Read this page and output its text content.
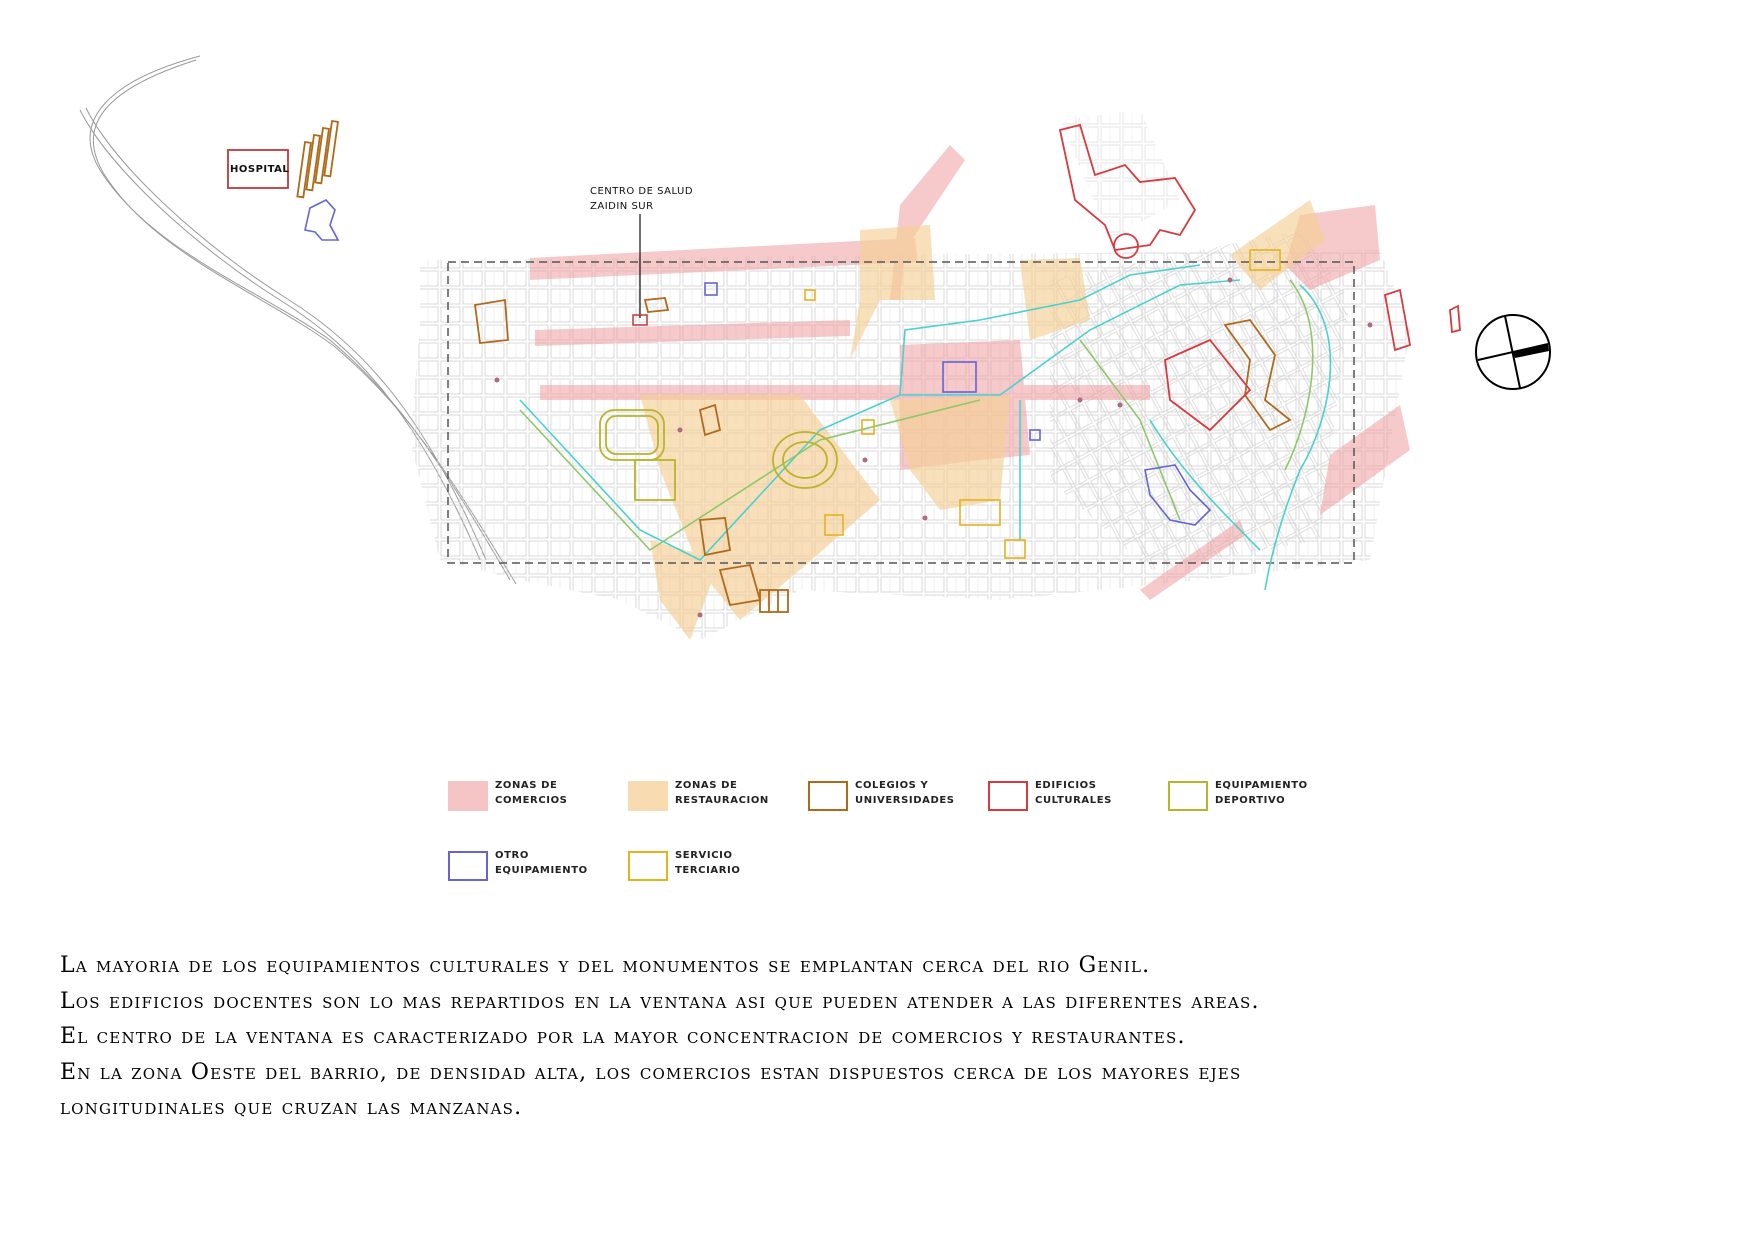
HOSPITAL
CENTRO DE SALUD
ZAIDIN SUR
ZONAS DE
COMERCIOS
ZONAS DE
RESTAURACION
COLEGIOS Y
UNIVERSIDADES
EDIFICIOS
CULTURALES
EQUIPAMIENTO
DEPORTIVO
OTRO
EQUIPAMIENTO
SERVICIO
TERCIARIO

La mayoria de los equipamientos culturales y del monumentos se emplantan cerca del rio Genil.

Los edificios docentes son lo mas repartidos en la ventana asi que pueden atender a las diferentes areas.

El centro de la ventana es caracterizado por la mayor concentracion de comercios y restaurantes.

En la zona Oeste del barrio, de densidad alta, los comercios estan dispuestos cerca de los mayores ejes

longitudinales que cruzan las manzanas.
